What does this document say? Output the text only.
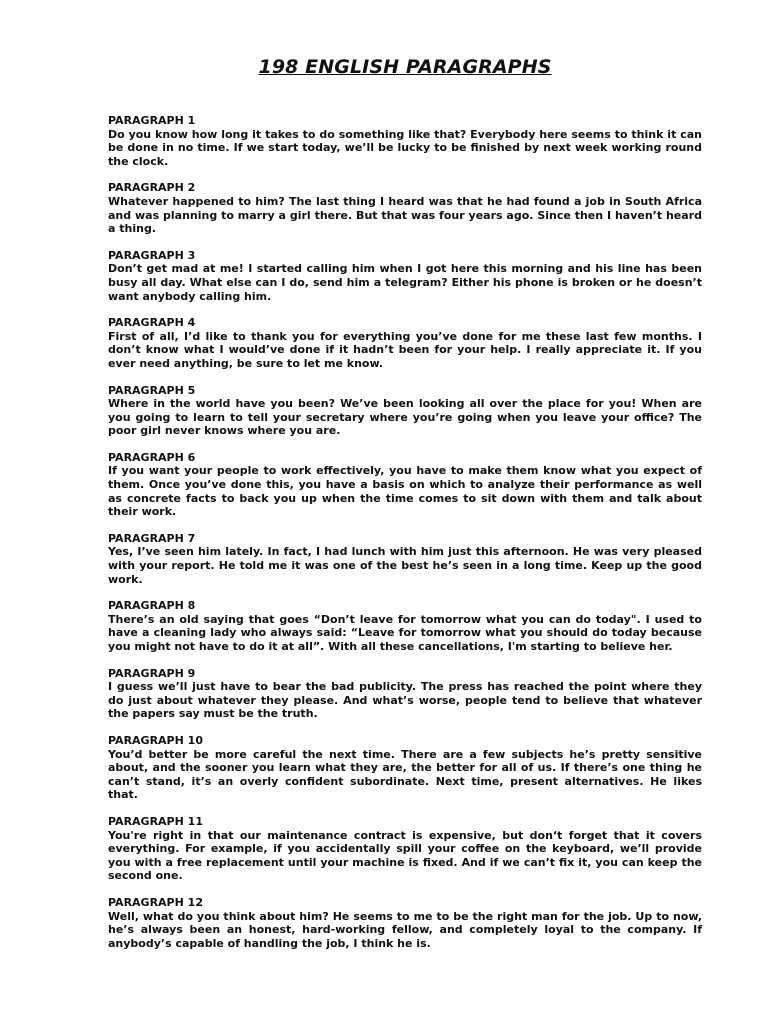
198 ENGLISH PARAGRAPHS

PARAGRAPH 1

Do you know how long it takes to do something like that? Everybody here seems to think it can be done in no time. If we start today, we’ll be lucky to be finished by next week working round the clock.

PARAGRAPH 2

Whatever happened to him? The last thing I heard was that he had found a job in South Africa and was planning to marry a girl there. But that was four years ago. Since then I haven’t heard a thing.

PARAGRAPH 3

Don’t get mad at me! I started calling him when I got here this morning and his line has been busy all day. What else can I do, send him a telegram? Either his phone is broken or he doesn’t want anybody calling him.

PARAGRAPH 4

First of all, I’d like to thank you for everything you’ve done for me these last few months. I don’t know what I would’ve done if it hadn’t been for your help. I really appreciate it. If you ever need anything, be sure to let me know.

PARAGRAPH 5

Where in the world have you been? We’ve been looking all over the place for you! When are you going to learn to tell your secretary where you’re going when you leave your office? The poor girl never knows where you are.

PARAGRAPH 6

If you want your people to work effectively, you have to make them know what you expect of them. Once you’ve done this, you have a basis on which to analyze their performance as well as concrete facts to back you up when the time comes to sit down with them and talk about their work.

PARAGRAPH 7

Yes, I’ve seen him lately. In fact, I had lunch with him just this afternoon. He was very pleased with your report. He told me it was one of the best he’s seen in a long time. Keep up the good work.

PARAGRAPH 8

There’s an old saying that goes “Don’t leave for tomorrow what you can do today". I used to have a cleaning lady who always said: “Leave for tomorrow what you should do today because you might not have to do it at all”. With all these cancellations, I'm starting to believe her.

PARAGRAPH 9

I guess we’ll just have to bear the bad publicity. The press has reached the point where they do just about whatever they please. And what’s worse, people tend to believe that whatever the papers say must be the truth.

PARAGRAPH 10

You’d better be more careful the next time. There are a few subjects he’s pretty sensitive about, and the sooner you learn what they are, the better for all of us. If there’s one thing he can’t stand, it’s an overly confident subordinate. Next time, present alternatives. He likes that.

PARAGRAPH 11

You're right in that our maintenance contract is expensive, but don‘t forget that it covers everything. For example, if you accidentally spill your coffee on the keyboard, we’ll provide you with a free replacement until your machine is fixed. And if we can’t fix it, you can keep the second one.

PARAGRAPH 12

Well, what do you think about him? He seems to me to be the right man for the job. Up to now, he’s always been an honest, hard-working fellow, and completely loyal to the company. If anybody’s capable of handling the job, I think he is.
